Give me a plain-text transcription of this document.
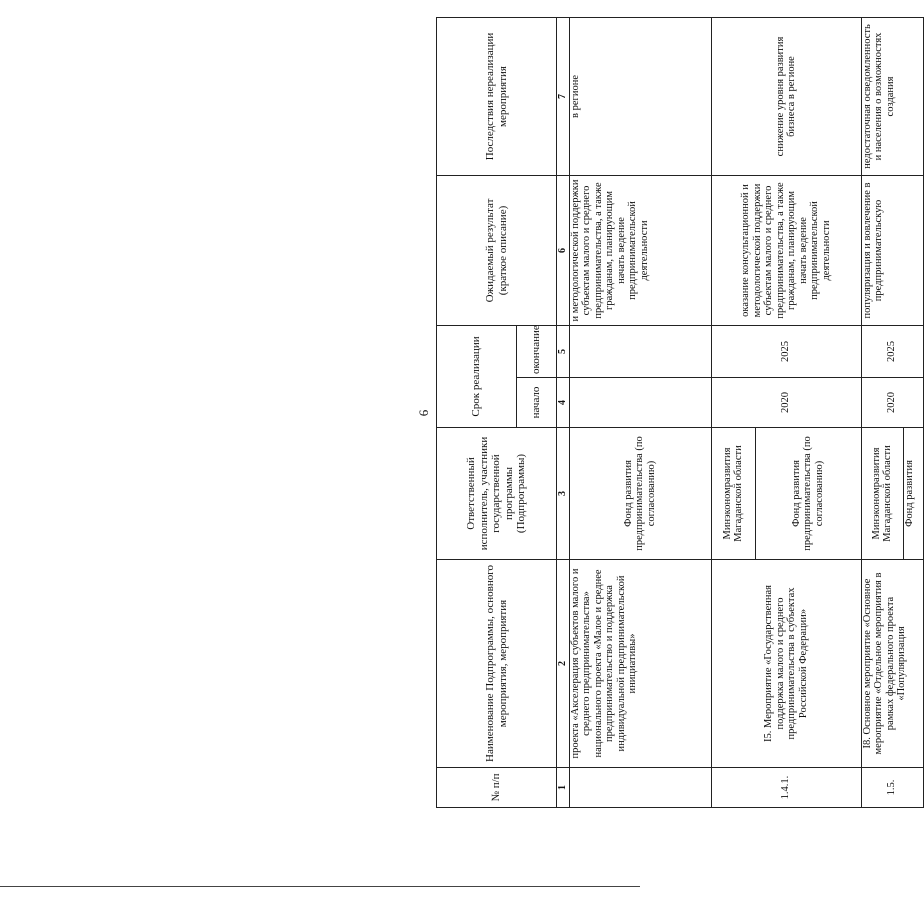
6
№ п/п	Наименование Подпрограммы, основного мероприятия, мероприятия	Ответственный исполнитель, участники государственной программы (Подпрограммы)	Срок реализации		Ожидаемый результат (краткое описание)	Последствия нереализации мероприятия
			начало	окончание		
1	2	3	4	5	6	7
	проекта «Акселерация субъектов малого и среднего предпринимательства» национального проекта «Малое и среднее предпринимательство и поддержка индивидуальной предпринимательской инициативы»	Фонд развития предпринимательства (по согласованию)			и методологической поддержки субъектам малого и среднего предпринимательства, а также гражданам, планирующим начать ведение предпринимательской деятельности	в регионе
1.4.1.	I5. Мероприятие «Государственная поддержка малого и среднего предпринимательства в субъектах Российской Федерации»	Минэкономразвития Магаданской области	2020	2025	оказание консультационной и методологической поддержки субъектам малого и среднего предпринимательства, а также гражданам, планирующим начать ведение предпринимательской деятельности	снижение уровня развития бизнеса в регионе
		Фонд развития предпринимательства (по согласованию)				
1.5.	I8. Основное мероприятие «Основное мероприятие «Отдельное мероприятия в рамках федерального проекта «Популяризация	Минэкономразвития Магаданской области	2020	2025	популяризация и вовлечение в предпринимательскую	недостаточная осведомленность и населения о возможностях создания
		Фонд развития				
